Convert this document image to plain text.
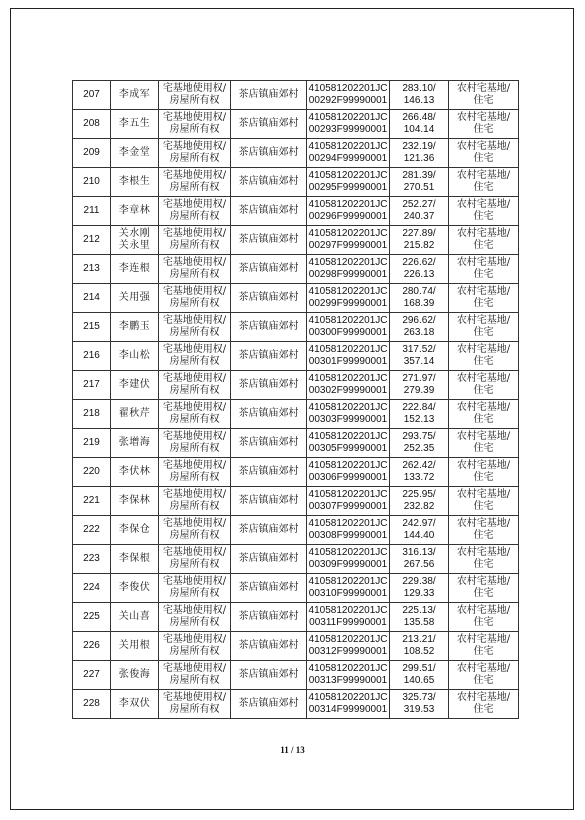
207	李成军	宅基地使用权/
房屋所有权	茶店镇庙郊村	410581202201JC
00292F99990001	283.10/
146.13	农村宅基地/
住宅

208	李五生	宅基地使用权/
房屋所有权	茶店镇庙郊村	410581202201JC
00293F99990001	266.48/
104.14	农村宅基地/
住宅

209	李金堂	宅基地使用权/
房屋所有权	茶店镇庙郊村	410581202201JC
00294F99990001	232.19/
121.36	农村宅基地/
住宅

210	李根生	宅基地使用权/
房屋所有权	茶店镇庙郊村	410581202201JC
00295F99990001	281.39/
270.51	农村宅基地/
住宅

211	李章林	宅基地使用权/
房屋所有权	茶店镇庙郊村	410581202201JC
00296F99990001	252.27/
240.37	农村宅基地/
住宅

212	关水刚
关永里	宅基地使用权/
房屋所有权	茶店镇庙郊村	410581202201JC
00297F99990001	227.89/
215.82	农村宅基地/
住宅

213	李连根	宅基地使用权/
房屋所有权	茶店镇庙郊村	410581202201JC
00298F99990001	226.62/
226.13	农村宅基地/
住宅

214	关用强	宅基地使用权/
房屋所有权	茶店镇庙郊村	410581202201JC
00299F99990001	280.74/
168.39	农村宅基地/
住宅

215	李鹏玉	宅基地使用权/
房屋所有权	茶店镇庙郊村	410581202201JC
00300F99990001	296.62/
263.18	农村宅基地/
住宅

216	李山松	宅基地使用权/
房屋所有权	茶店镇庙郊村	410581202201JC
00301F99990001	317.52/
357.14	农村宅基地/
住宅

217	李建伏	宅基地使用权/
房屋所有权	茶店镇庙郊村	410581202201JC
00302F99990001	271.97/
279.39	农村宅基地/
住宅

218	翟秋芹	宅基地使用权/
房屋所有权	茶店镇庙郊村	410581202201JC
00303F99990001	222.84/
152.13	农村宅基地/
住宅

219	张增海	宅基地使用权/
房屋所有权	茶店镇庙郊村	410581202201JC
00305F99990001	293.75/
252.35	农村宅基地/
住宅

220	李伏林	宅基地使用权/
房屋所有权	茶店镇庙郊村	410581202201JC
00306F99990001	262.42/
133.72	农村宅基地/
住宅

221	李保林	宅基地使用权/
房屋所有权	茶店镇庙郊村	410581202201JC
00307F99990001	225.95/
232.82	农村宅基地/
住宅

222	李保仓	宅基地使用权/
房屋所有权	茶店镇庙郊村	410581202201JC
00308F99990001	242.97/
144.40	农村宅基地/
住宅

223	李保根	宅基地使用权/
房屋所有权	茶店镇庙郊村	410581202201JC
00309F99990001	316.13/
267.56	农村宅基地/
住宅

224	李俊伏	宅基地使用权/
房屋所有权	茶店镇庙郊村	410581202201JC
00310F99990001	229.38/
129.33	农村宅基地/
住宅

225	关山喜	宅基地使用权/
房屋所有权	茶店镇庙郊村	410581202201JC
00311F99990001	225.13/
135.58	农村宅基地/
住宅

226	关用根	宅基地使用权/
房屋所有权	茶店镇庙郊村	410581202201JC
00312F99990001	213.21/
108.52	农村宅基地/
住宅

227	张俊海	宅基地使用权/
房屋所有权	茶店镇庙郊村	410581202201JC
00313F99990001	299.51/
140.65	农村宅基地/
住宅

228	李双伏	宅基地使用权/
房屋所有权	茶店镇庙郊村	410581202201JC
00314F99990001	325.73/
319.53	农村宅基地/
住宅
11 / 13
